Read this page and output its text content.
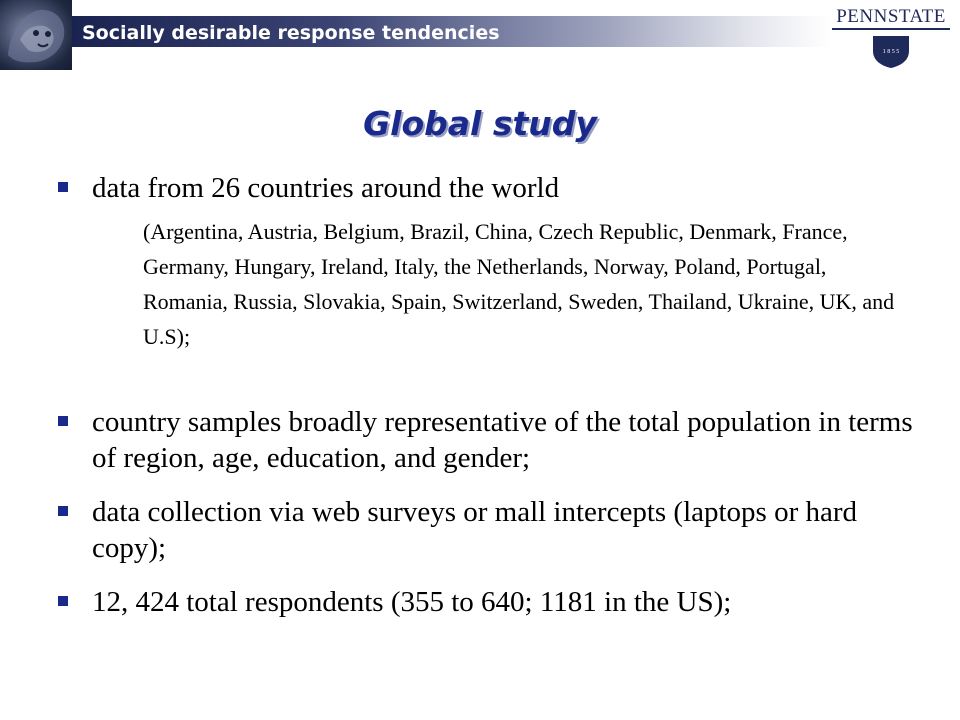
Socially desirable response tendencies
PENNSTATE
1 8 5 5
Global study
data from 26 countries around the world
(Argentina, Austria, Belgium, Brazil, China, Czech Republic, Denmark, France, Germany, Hungary, Ireland, Italy, the Netherlands, Norway, Poland, Portugal, Romania, Russia, Slovakia, Spain, Switzerland, Sweden, Thailand, Ukraine, UK, and U.S);
country samples broadly representative of the total population in terms of region, age, education, and gender;
data collection via web surveys or mall intercepts (laptops or hard copy);
12, 424 total respondents (355 to 640; 1181 in the US);
